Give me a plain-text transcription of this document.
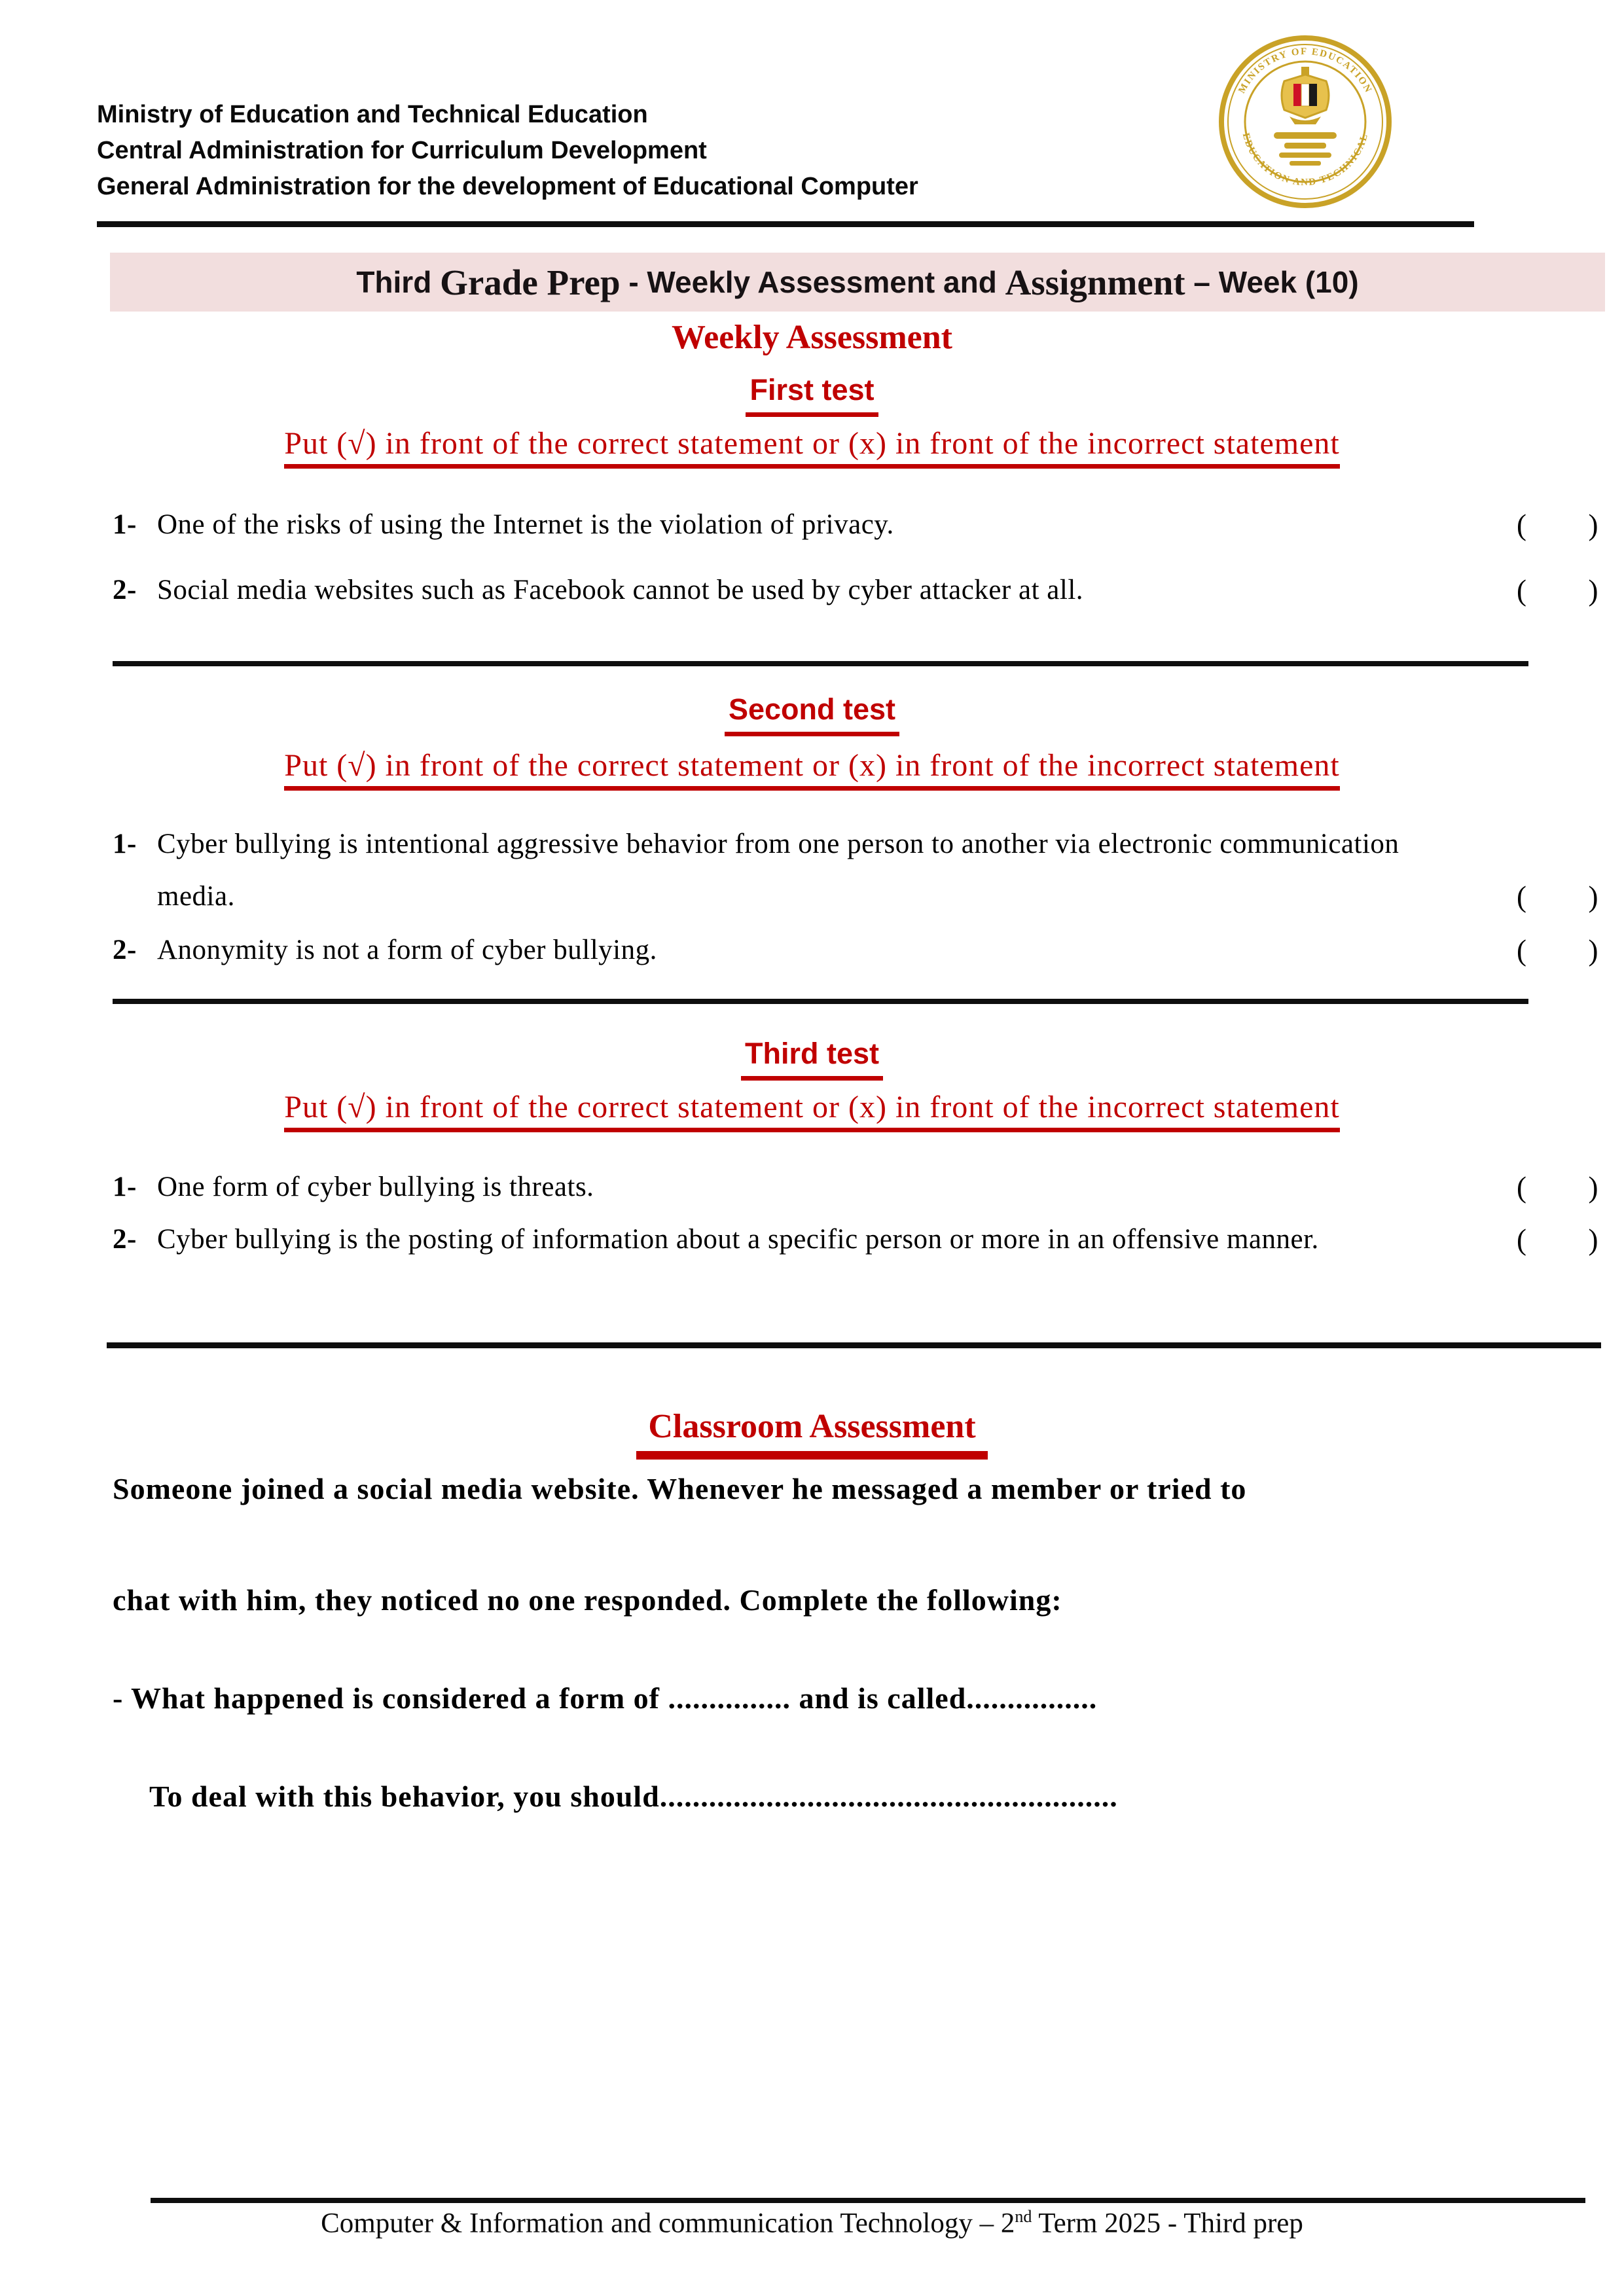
Ministry of Education and Technical Education
Central Administration for Curriculum Development
General Administration for the development of Educational Computer
MINISTRY OF EDUCATION
EDUCATION AND TECHNICAL
Third Grade Prep - Weekly Assessment and Assignment – Week (10)
Weekly Assessment
First test
Put (√) in front of the correct statement or (x) in front of the incorrect statement
1- One of the risks of using the Internet is the violation of privacy.	(        )
2- Social media websites such as Facebook cannot be used by cyber attacker at all.	(        )
Second test
Put (√) in front of the correct statement or (x) in front of the incorrect statement
1- Cyber bullying is intentional aggressive behavior from one person to another via electronic communication media.	(        )
2- Anonymity is not a form of cyber bullying.	(        )
Third test
Put (√) in front of the correct statement or (x) in front of the incorrect statement
1- One form of cyber bullying is threats.	(        )
2- Cyber bullying is the posting of information about a specific person or more in an offensive manner.	(        )
Classroom Assessment
Someone joined a social media website. Whenever he messaged a member or tried to
chat with him, they noticed no one responded. Complete the following:
- What happened is considered a form of ............... and is called................
To deal with this behavior, you should........................................................
Computer & Information and communication Technology – 2nd Term 2025 - Third prep
